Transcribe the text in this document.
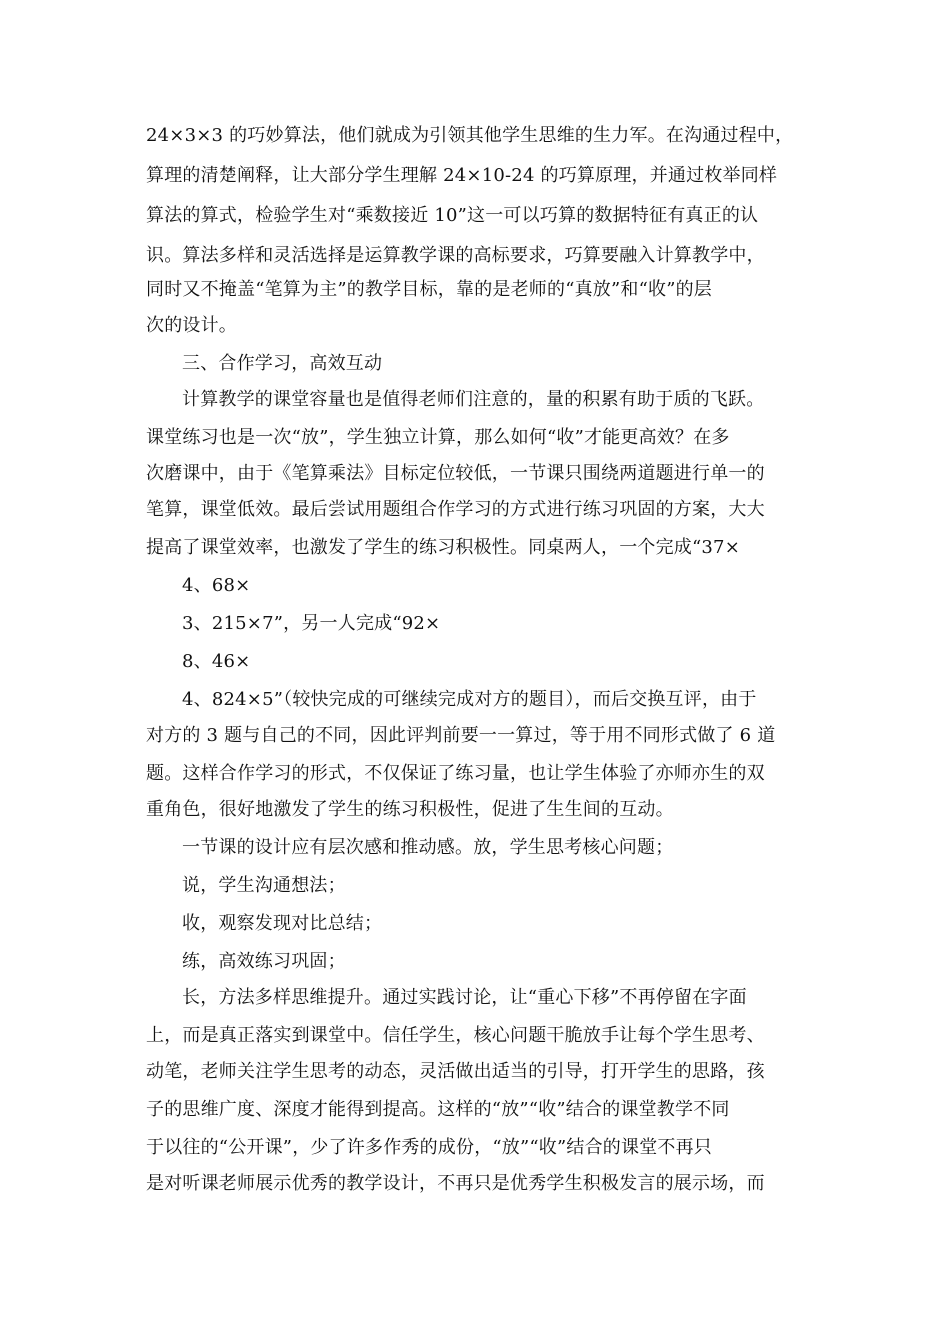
24×3×3 的巧妙算法，他们就成为引领其他学生思维的生力军。在沟通过程中，
算理的清楚阐释，让大部分学生理解 24×10-24 的巧算原理，并通过枚举同样
算法的算式，检验学生对“乘数接近 10”这一可以巧算的数据特征有真正的认
识。算法多样和灵活选择是运算教学课的高标要求，巧算要融入计算教学中，
同时又不掩盖“笔算为主”的教学目标，靠的是老师的“真放”和“收”的层
次的设计。
三、合作学习，高效互动
计算教学的课堂容量也是值得老师们注意的，量的积累有助于质的飞跃。
课堂练习也是一次“放”，学生独立计算，那么如何“收”才能更高效？在多
次磨课中，由于《笔算乘法》目标定位较低，一节课只围绕两道题进行单一的
笔算，课堂低效。最后尝试用题组合作学习的方式进行练习巩固的方案，大大
提高了课堂效率，也激发了学生的练习积极性。同桌两人，一个完成“37×
4、68×
3、215×7”，另一人完成“92×
8、46×
4、824×5”（较快完成的可继续完成对方的题目），而后交换互评，由于
对方的 3 题与自己的不同，因此评判前要一一算过，等于用不同形式做了 6 道
题。这样合作学习的形式，不仅保证了练习量，也让学生体验了亦师亦生的双
重角色，很好地激发了学生的练习积极性，促进了生生间的互动。
一节课的设计应有层次感和推动感。放，学生思考核心问题；
说，学生沟通想法；
收，观察发现对比总结；
练，高效练习巩固；
长，方法多样思维提升。通过实践讨论，让“重心下移”不再停留在字面
上，而是真正落实到课堂中。信任学生，核心问题干脆放手让每个学生思考、
动笔，老师关注学生思考的动态，灵活做出适当的引导，打开学生的思路，孩
子的思维广度、深度才能得到提高。这样的“放”“收”结合的课堂教学不同
于以往的“公开课”，少了许多作秀的成份，“放”“收”结合的课堂不再只
是对听课老师展示优秀的教学设计，不再只是优秀学生积极发言的展示场，而
